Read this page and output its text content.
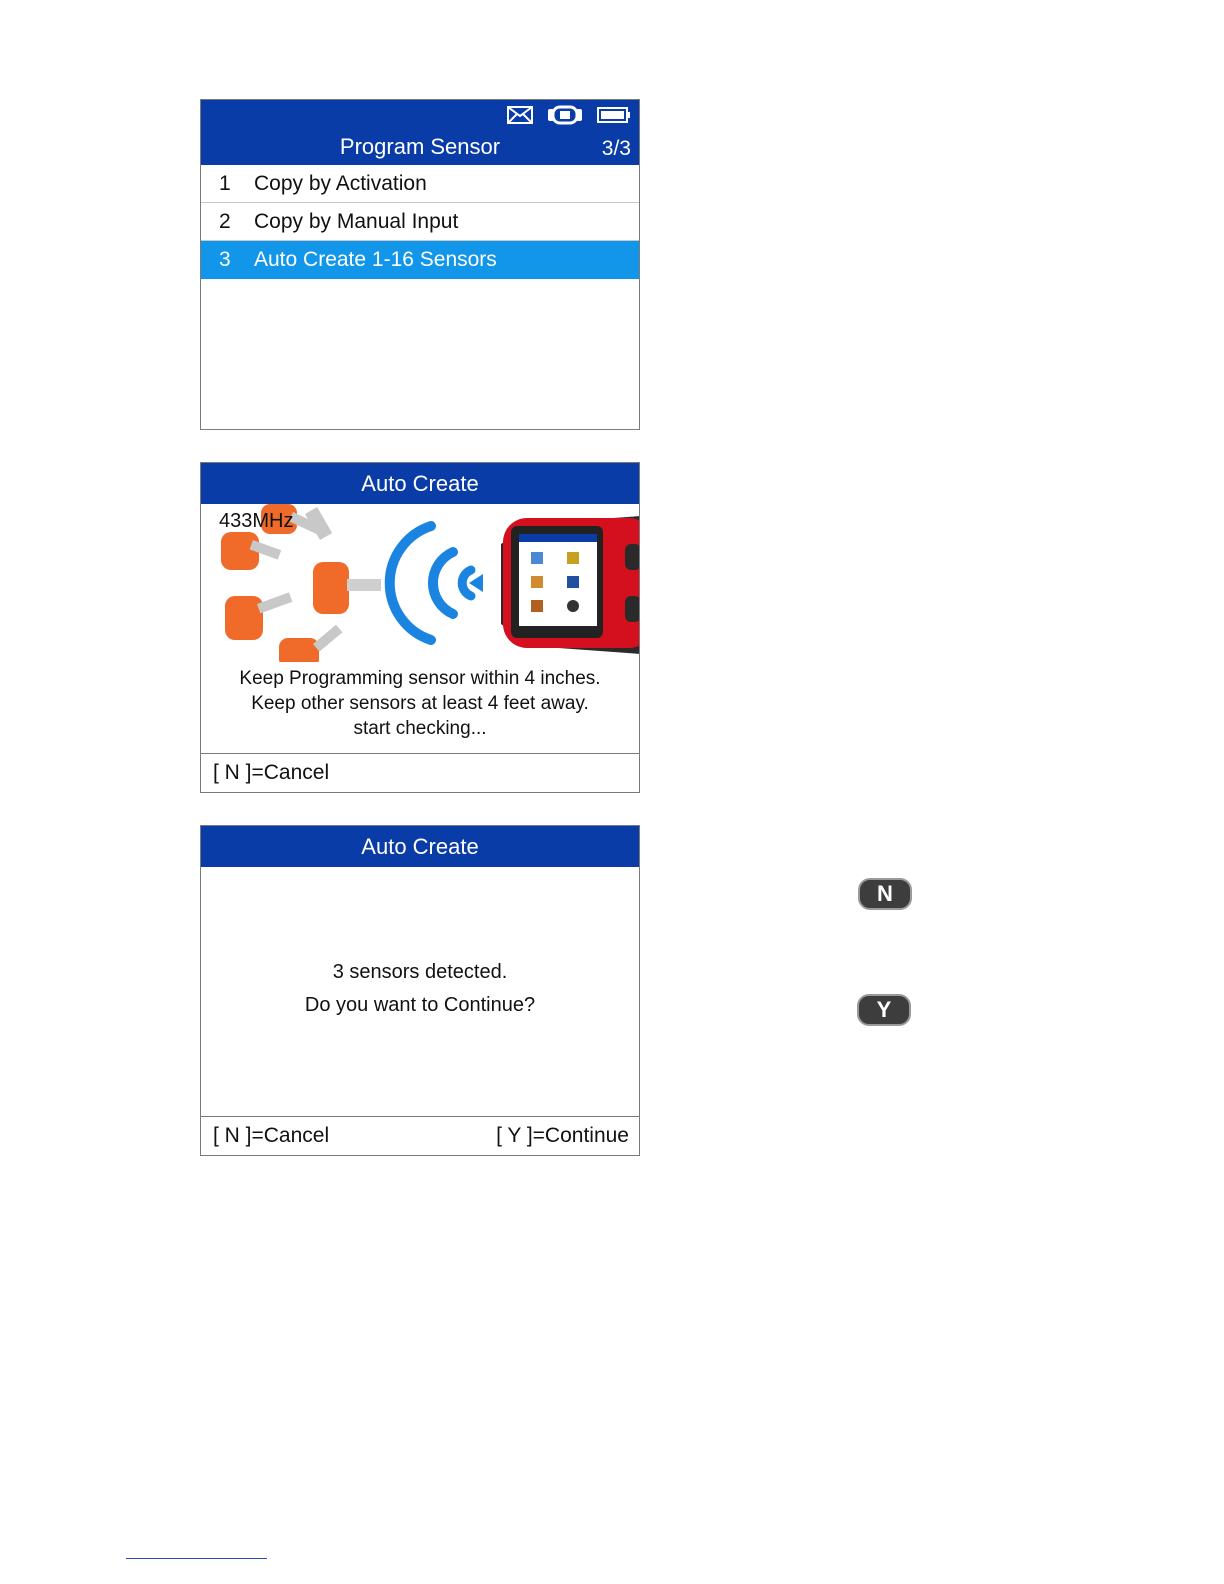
Program Sensor	3/3
1	Copy by Activation
2	Copy by Manual Input
3	Auto Create 1-16 Sensors
Auto Create
433MHz
Keep Programming sensor within 4 inches.
Keep other sensors at least 4 feet away.
start checking...
[ N ]=Cancel
Auto Create
3 sensors detected.
Do you want to Continue?
[ N ]=Cancel	[ Y ]=Continue
N
Y
